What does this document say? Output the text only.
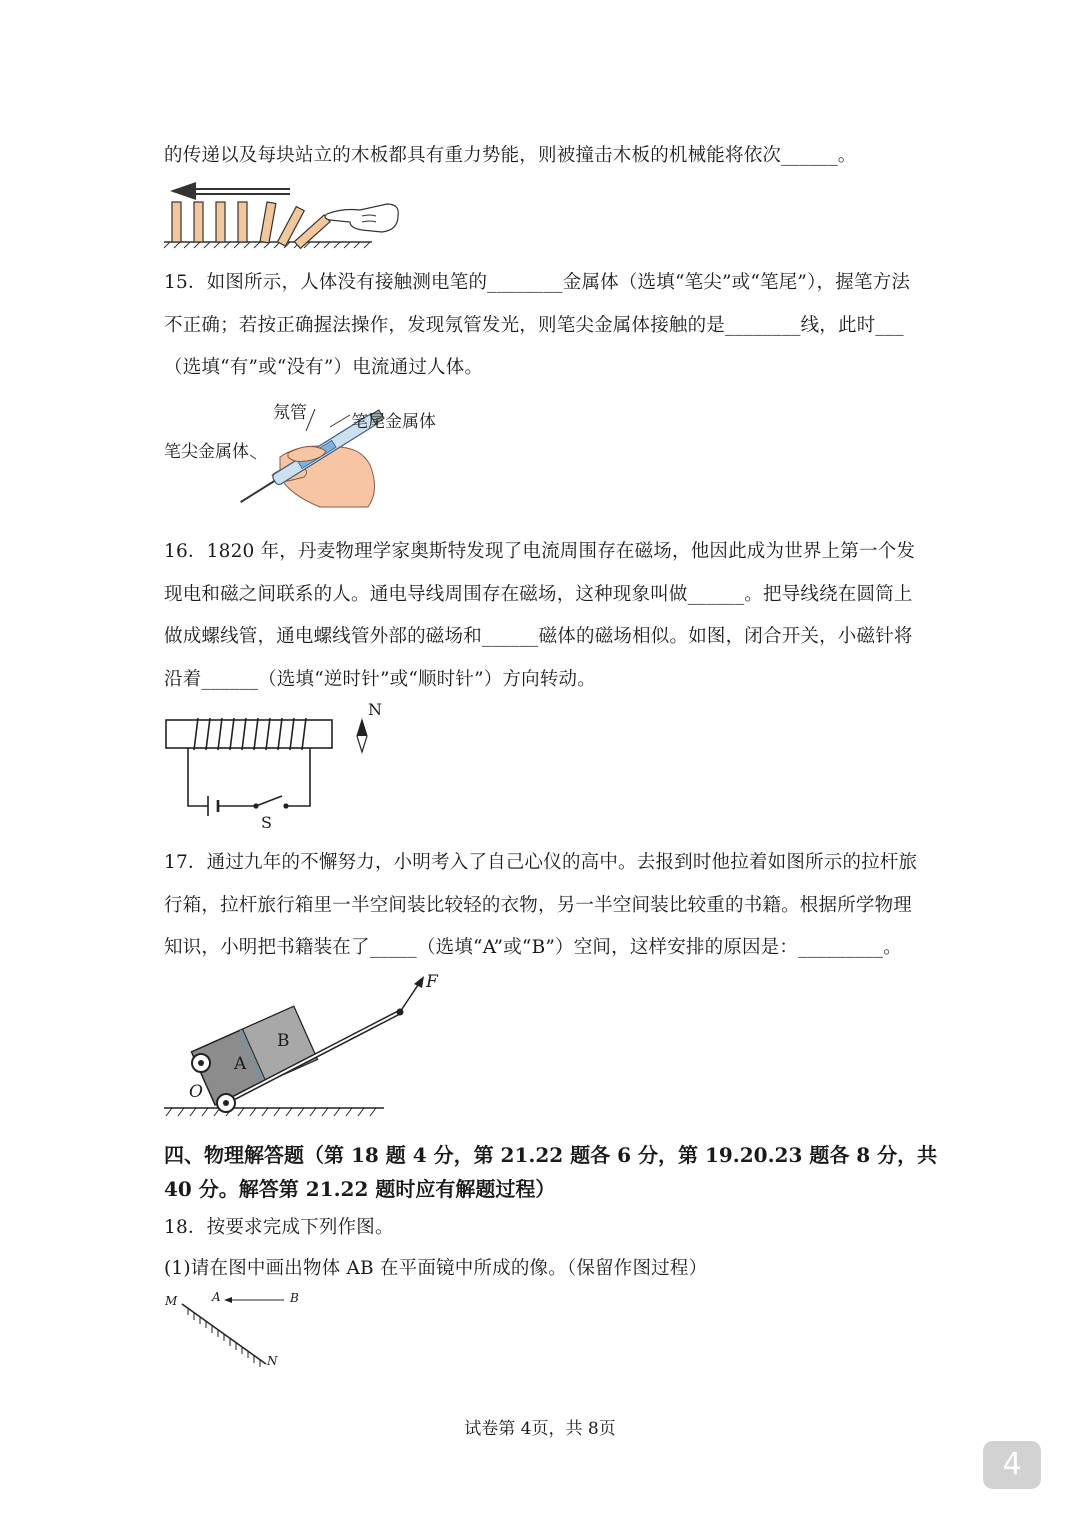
的传递以及每块站立的木板都具有重力势能，则被撞击木板的机械能将依次______。
15．如图所示，人体没有接触测电笔的________金属体（选填“笔尖”或“笔尾”），握笔方法
不正确；若按正确握法操作，发现氖管发光，则笔尖金属体接触的是________线，此时___
（选填“有”或“没有”）电流通过人体。
氖管	笔尾金属体
笔尖金属体
16．1820 年，丹麦物理学家奥斯特发现了电流周围存在磁场，他因此成为世界上第一个发
现电和磁之间联系的人。通电导线周围存在磁场，这种现象叫做______。把导线绕在圆筒上
做成螺线管，通电螺线管外部的磁场和______磁体的磁场相似。如图，闭合开关，小磁针将
沿着______（选填“逆时针”或“顺时针”）方向转动。
N
S
17．通过九年的不懈努力，小明考入了自己心仪的高中。去报到时他拉着如图所示的拉杆旅
行箱，拉杆旅行箱里一半空间装比较轻的衣物，另一半空间装比较重的书籍。根据所学物理
知识，小明把书籍装在了_____（选填“A”或“B”）空间，这样安排的原因是：_________。
A
B
O
F
四、物理解答题（第 18 题 4 分，第 21.22 题各 6 分，第 19.20.23 题各 8 分，共
40 分。解答第 21.22 题时应有解题过程）
18．按要求完成下列作图。
(1)请在图中画出物体 AB 在平面镜中所成的像。（保留作图过程）
M
N
A	B
试卷第 4页，共 8页
4
